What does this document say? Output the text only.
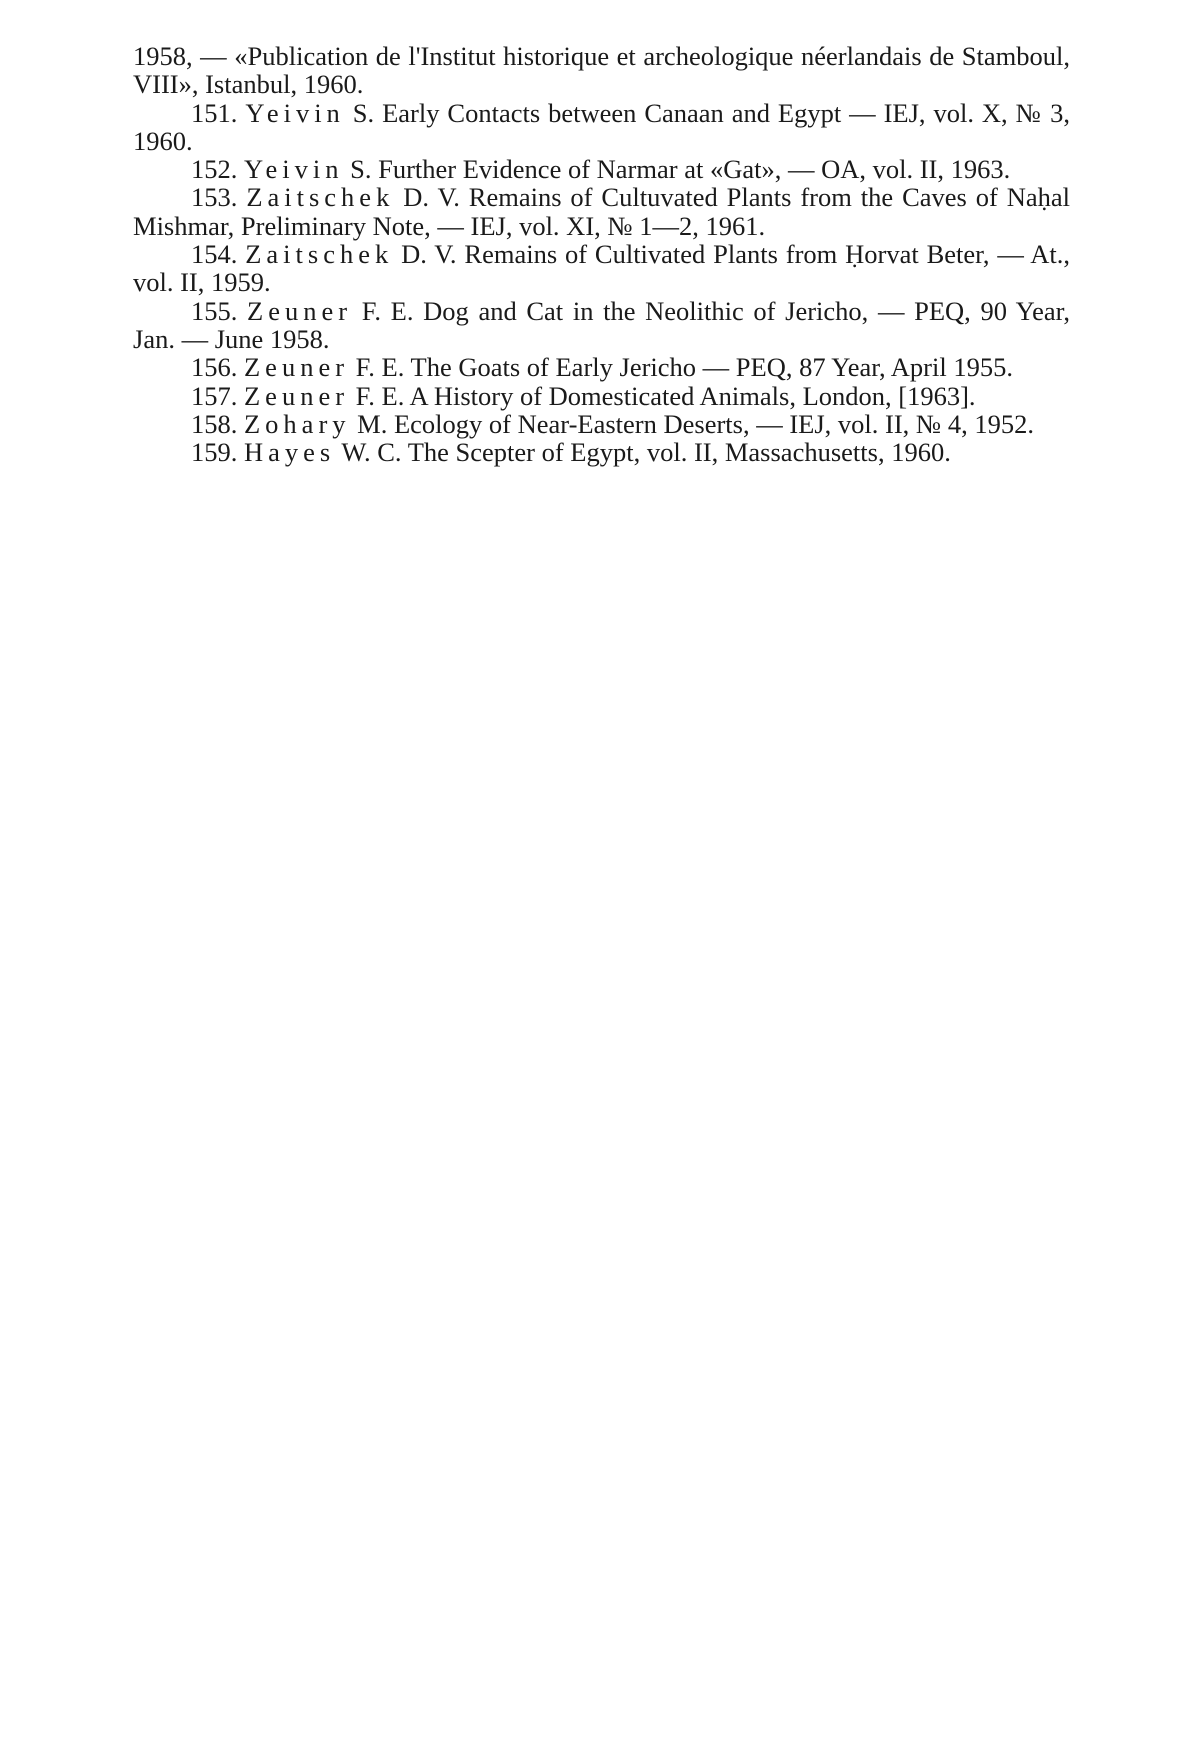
1958, — «Publication de l'Institut historique et archeologique néerlandais de Stamboul, VIII», Istanbul, 1960.

151. Yeivin S. Early Contacts between Canaan and Egypt — IEJ, vol. X, № 3, 1960.

152. Yeivin S. Further Evidence of Narmar at «Gat», — OA, vol. II, 1963.

153. Zaitschek D. V. Remains of Cultuvated Plants from the Caves of Naḥal Mishmar, Preliminary Note, — IEJ, vol. XI, № 1—2, 1961.

154. Zaitschek D. V. Remains of Cultivated Plants from Ḥorvat Beter, — At., vol. II, 1959.

155. Zeuner F. E. Dog and Cat in the Neolithic of Jericho, — PEQ, 90 Year, Jan. — June 1958.

156. Zeuner F. E. The Goats of Early Jericho — PEQ, 87 Year, April 1955.

157. Zeuner F. E. A History of Domesticated Animals, London, [1963].

158. Zohary M. Ecology of Near-Eastern Deserts, — IEJ, vol. II, № 4, 1952.

159. Hayes W. C. The Scepter of Egypt, vol. II, Massachusetts, 1960.
